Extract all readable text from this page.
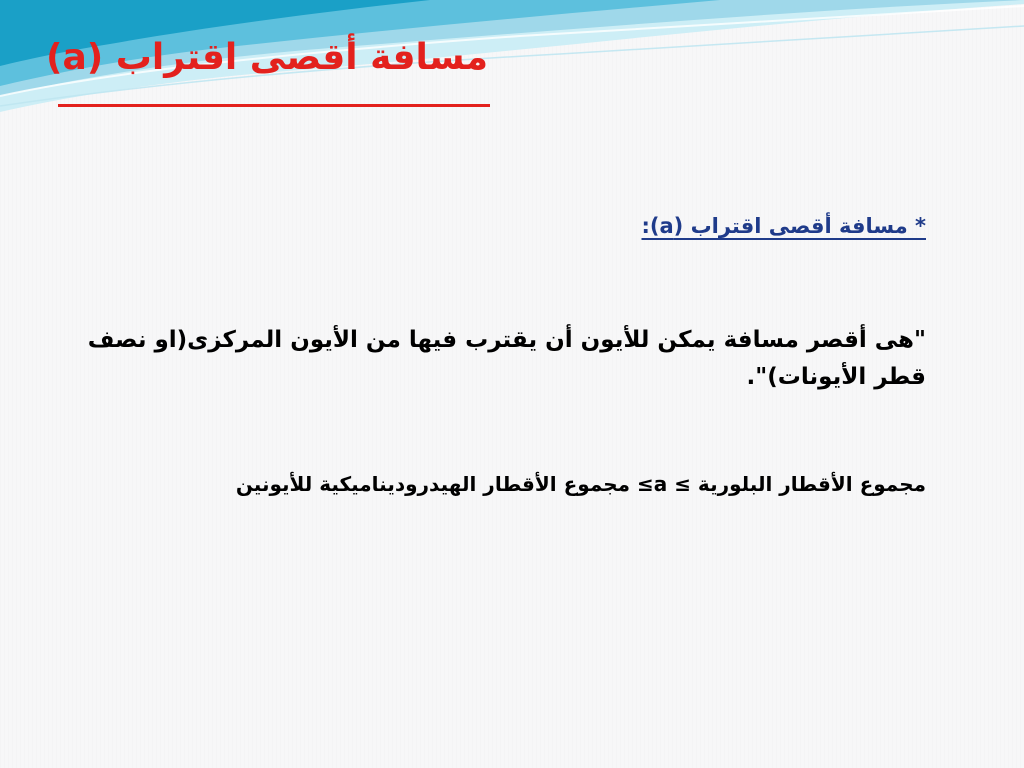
مسافة أقصى اقتراب (a)
* مسافة أقصى اقتراب (a):
"هى أقصر مسافة يمكن للأيون أن يقترب فيها من الأيون المركزى(او نصف قطر الأيونات)".
مجموع الأقطار البلورية ≥ a≥ مجموع الأقطار الهيدروديناميكية للأيونين
